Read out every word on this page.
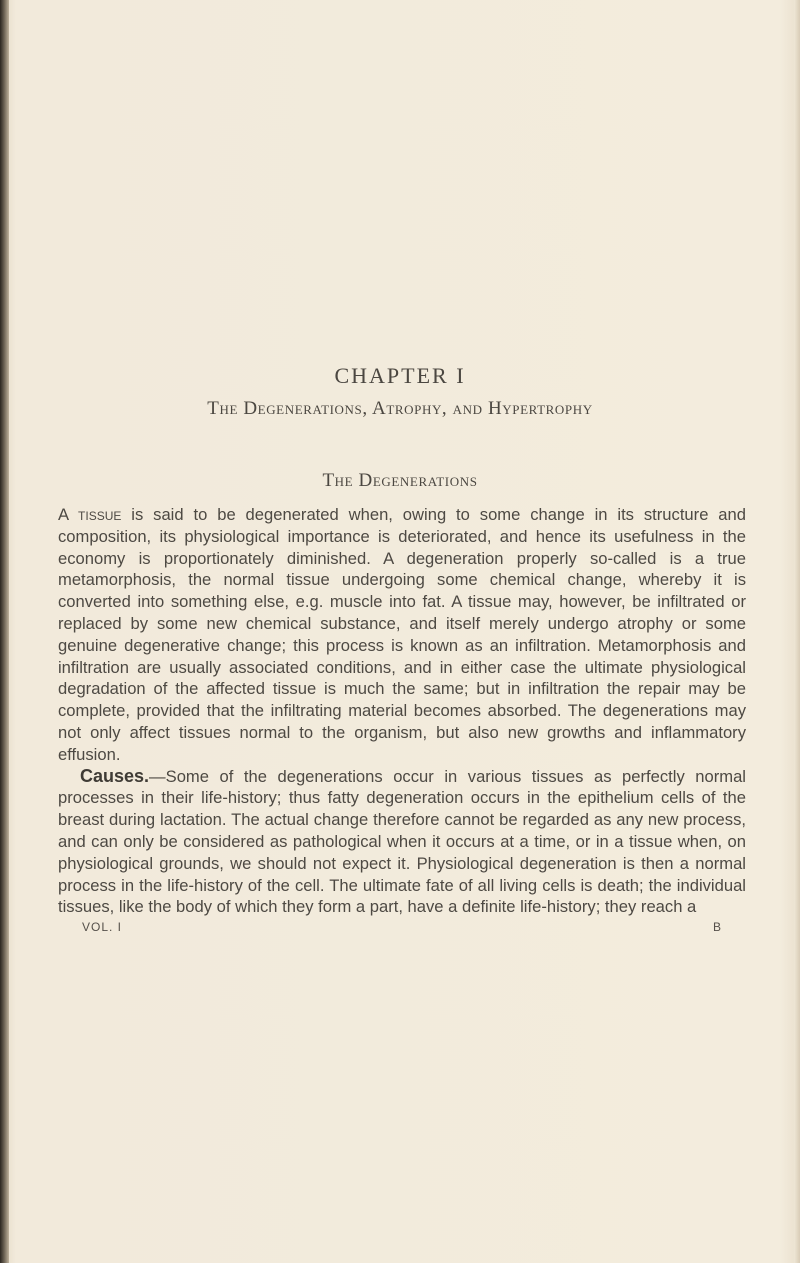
CHAPTER I
The Degenerations, Atrophy, and Hypertrophy
The Degenerations

A tissue is said to be degenerated when, owing to some change in its structure and composition, its physiological importance is deteriorated, and hence its usefulness in the economy is proportionately diminished. A degeneration properly so-called is a true metamorphosis, the normal tissue undergoing some chemical change, whereby it is converted into something else, e.g. muscle into fat. A tissue may, however, be infiltrated or replaced by some new chemical substance, and itself merely undergo atrophy or some genuine degenerative change; this process is known as an infiltration. Metamorphosis and infiltration are usually associated conditions, and in either case the ultimate physiological degradation of the affected tissue is much the same; but in infiltration the repair may be complete, provided that the infiltrating material becomes absorbed. The degenerations may not only affect tissues normal to the organism, but also new growths and inflammatory effusion.

Causes.—Some of the degenerations occur in various tissues as perfectly normal processes in their life-history; thus fatty degeneration occurs in the epithelium cells of the breast during lactation. The actual change therefore cannot be regarded as any new process, and can only be considered as pathological when it occurs at a time, or in a tissue when, on physiological grounds, we should not expect it. Physiological degeneration is then a normal process in the life-history of the cell. The ultimate fate of all living cells is death; the individual tissues, like the body of which they form a part, have a definite life-history; they reach a

VOL. I	B
